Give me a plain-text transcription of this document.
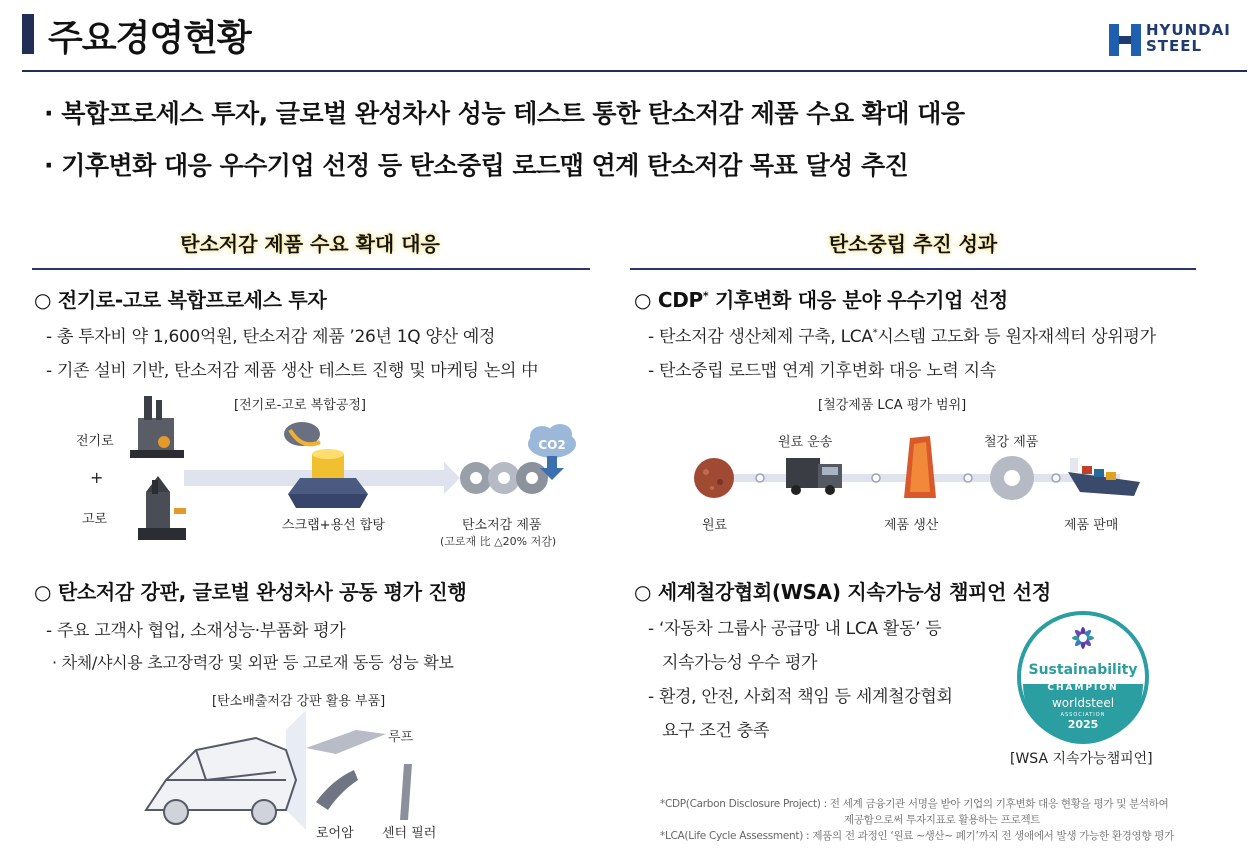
주요경영현황	HYUNDAI
STEEL
· 복합프로세스 투자, 글로벌 완성차사 성능 테스트 통한 탄소저감 제품 수요 확대 대응
· 기후변화 대응 우수기업 선정 등 탄소중립 로드맵 연계 탄소저감 목표 달성 추진
탄소저감 제품 수요 확대 대응
○ 전기로-고로 복합프로세스 투자
- 총 투자비 약 1,600억원, 탄소저감 제품 ’26년 1Q 양산 예정
- 기존 설비 기반, 탄소저감 제품 생산 테스트 진행 및 마케팅 논의 中
[전기로-고로 복합공정]
전기로
+
고로
CO2
스크랩+용선 합탕	탄소저감 제품
(고로재 比 △20% 저감)
○ 탄소저감 강판, 글로벌 완성차사 공동 평가 진행
- 주요 고객사 협업, 소재성능·부품화 평가
· 차체/샤시용 초고장력강 및 외판 등 고로재 동등 성능 확보
[탄소배출저감 강판 활용 부품]
루프
로어암 센터 필러
탄소중립 추진 성과
○ CDP* 기후변화 대응 분야 우수기업 선정
- 탄소저감 생산체제 구축, LCA*시스템 고도화 등 원자재섹터 상위평가
- 탄소중립 로드맵 연계 기후변화 대응 노력 지속
[철강제품 LCA 평가 범위]
원료 운송	철강 제품
원료	제품 생산	제품 판매
○ 세계철강협회(WSA) 지속가능성 챔피언 선정
- ‘자동차 그룹사 공급망 내 LCA 활동’ 등
지속가능성 우수 평가
- 환경, 안전, 사회적 책임 등 세계철강협회
요구 조건 충족
Sustainability
CHAMPION
worldsteel
ASSOCIATION
2025
[WSA 지속가능챔피언]
*CDP(Carbon Disclosure Project) : 전 세계 금융기관 서명을 받아 기업의 기후변화 대응 현황을 평가 및 분석하여
제공함으로써 투자지표로 활용하는 프로젝트
*LCA(Life Cycle Assessment) : 제품의 전 과정인 ‘원료 ~생산~ 폐기’까지 전 생애에서 발생 가능한 환경영향 평가
